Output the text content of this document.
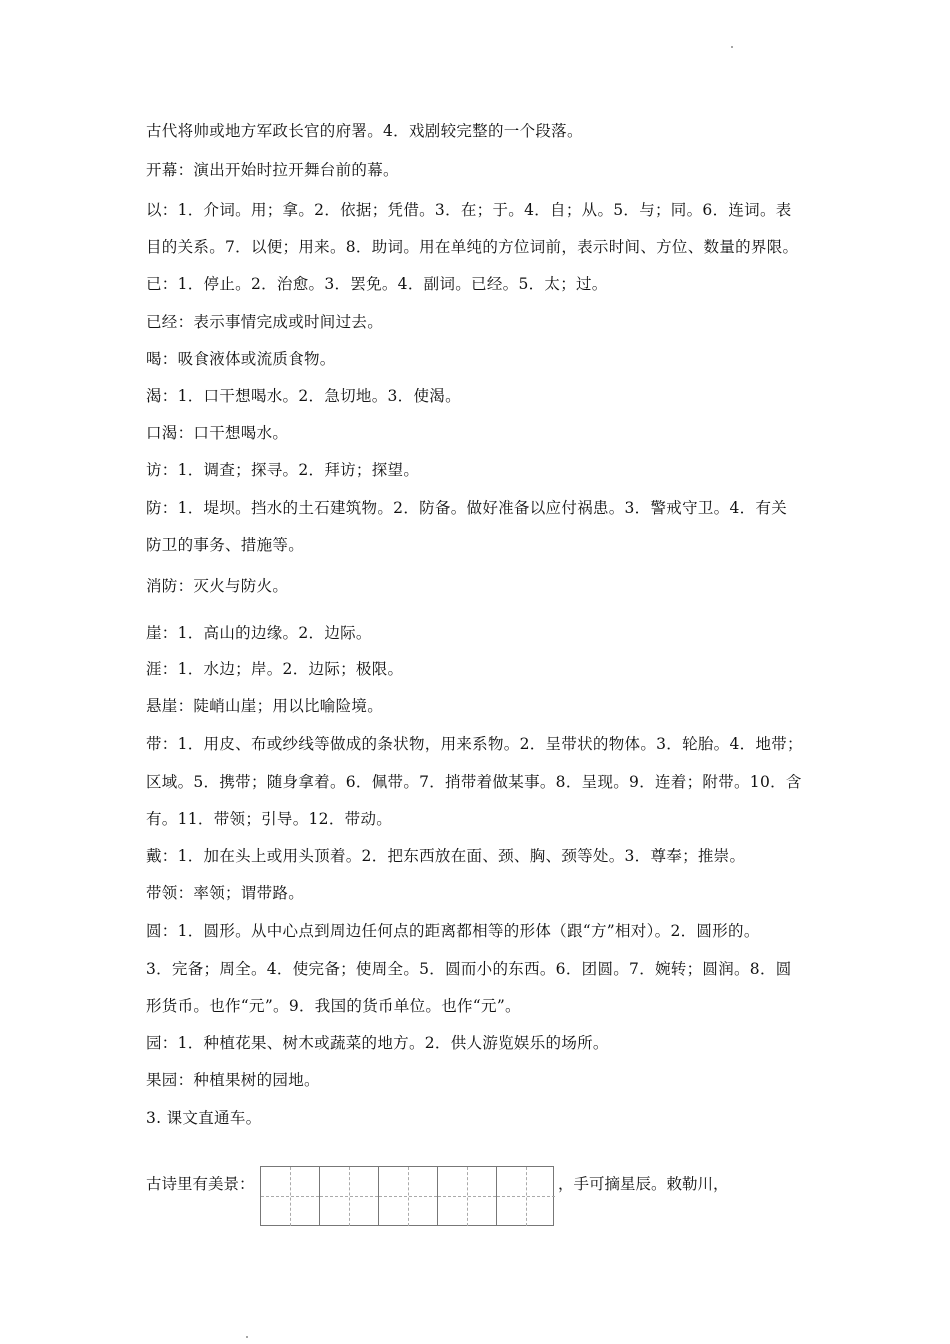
古代将帅或地方军政长官的府署。4．戏剧较完整的一个段落。
开幕：演出开始时拉开舞台前的幕。
以：1．介词。用；拿。2．依据；凭借。3．在；于。4．自；从。5．与；同。6．连词。表
目的关系。7．以便；用来。8．助词。用在单纯的方位词前，表示时间、方位、数量的界限。
已：1．停止。2．治愈。3．罢免。4．副词。已经。5．太；过。
已经：表示事情完成或时间过去。
喝：吸食液体或流质食物。
渴：1．口干想喝水。2．急切地。3．使渴。
口渴：口干想喝水。
访：1．调查；探寻。2．拜访；探望。
防：1．堤坝。挡水的土石建筑物。2．防备。做好准备以应付祸患。3．警戒守卫。4．有关
防卫的事务、措施等。
消防：灭火与防火。
崖：1．高山的边缘。2．边际。
涯：1．水边；岸。2．边际；极限。
悬崖：陡峭山崖；用以比喻险境。
带：1．用皮、布或纱线等做成的条状物，用来系物。2．呈带状的物体。3．轮胎。4．地带；
区域。5．携带；随身拿着。6．佩带。7．捎带着做某事。8．呈现。9．连着；附带。10．含
有。11．带领；引导。12．带动。
戴：1．加在头上或用头顶着。2．把东西放在面、颈、胸、颈等处。3．尊奉；推崇。
带领：率领；谓带路。
圆：1．圆形。从中心点到周边任何点的距离都相等的形体（跟“方”相对）。2．圆形的。
3．完备；周全。4．使完备；使周全。5．圆而小的东西。6．团圆。7．婉转；圆润。8．圆
形货币。也作“元”。9．我国的货币单位。也作“元”。
园：1．种植花果、树木或蔬菜的地方。2．供人游览娱乐的场所。
果园：种植果树的园地。
3. 课文直通车。
古诗里有美景：	，手可摘星辰。敕勒川，
